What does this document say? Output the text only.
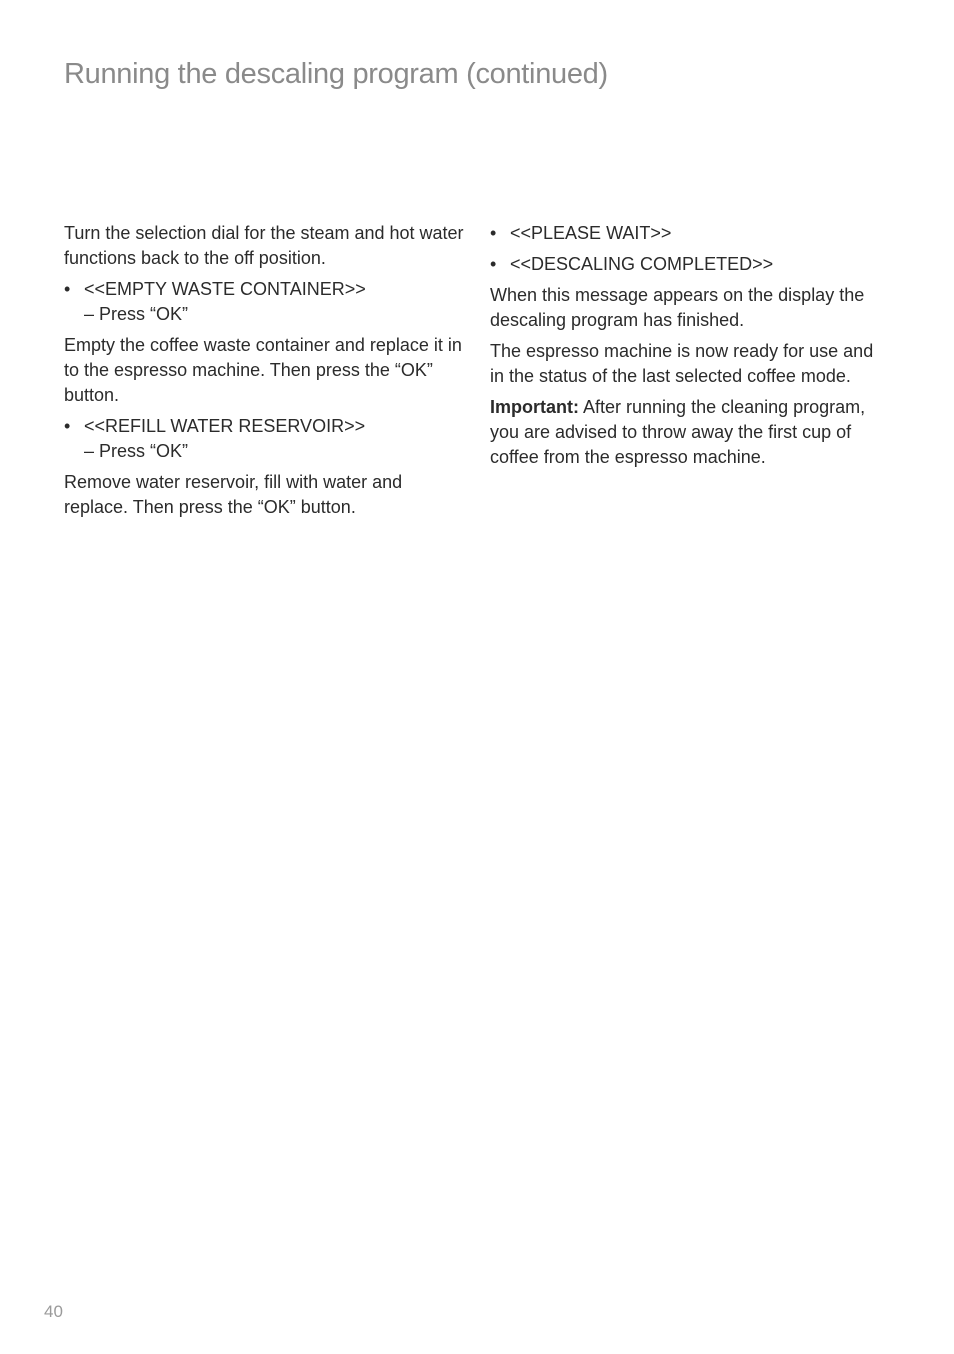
Running the descaling program (continued)

Turn the selection dial for the steam and hot water functions back to the off position.

• <<EMPTY WASTE CONTAINER>>
– Press “OK”

Empty the coffee waste container and replace it in to the espresso machine. Then press the “OK” button.

• <<REFILL WATER RESERVOIR>>
– Press “OK”

Remove water reservoir, fill with water and replace. Then press the “OK” button.

• <<PLEASE WAIT>>
• <<DESCALING COMPLETED>>

When this message appears on the display the descaling program has finished.

The espresso machine is now ready for use and in the status of the last selected coffee mode.

Important: After running the cleaning program, you are advised to throw away the first cup of coffee from the espresso machine.

40
